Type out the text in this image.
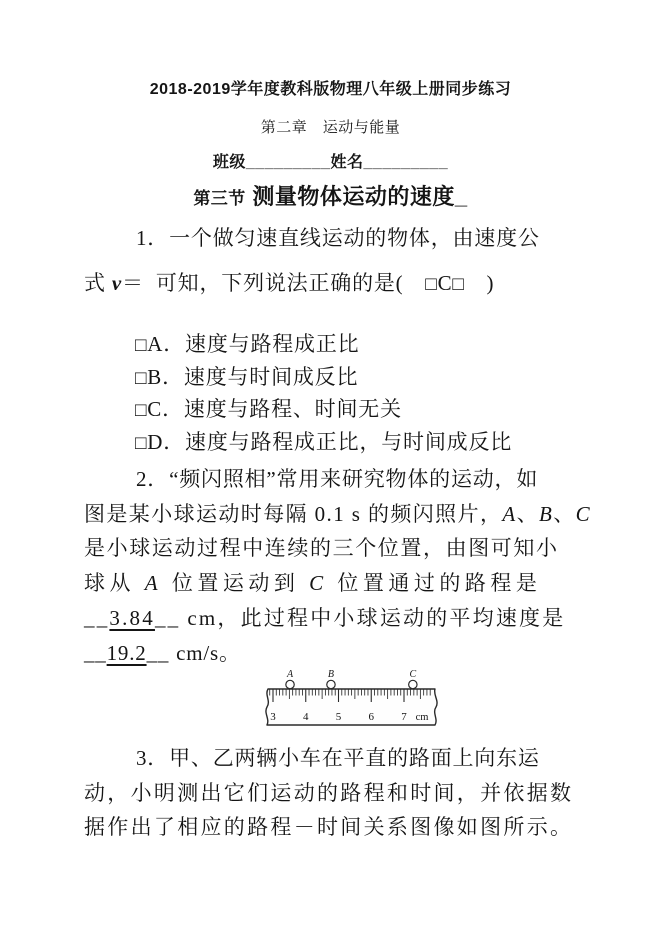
2018-2019学年度教科版物理八年级上册同步练习
第二章　运动与能量
班级_________姓名_________
第三节 测量物体运动的速度_
1．一个做匀速直线运动的物体，由速度公
式 v＝  可知，下列说法正确的是(　□C□　)
□A．速度与路程成正比
□B．速度与时间成反比
□C．速度与路程、时间无关
□D．速度与路程成正比，与时间成反比
2．“频闪照相”常用来研究物体的运动，如
图是某小球运动时每隔 0.1 s 的频闪照片，A、B、C
是小球运动过程中连续的三个位置，由图可知小
球从 A 位置运动到 C 位置通过的路程是
__3.84__ cm，此过程中小球运动的平均速度是
__19.2__ cm/s。
3 4 5 6 7 cm
A	B	C
3．甲、乙两辆小车在平直的路面上向东运
动，小明测出它们运动的路程和时间，并依据数
据作出了相应的路程－时间关系图像如图所示。
